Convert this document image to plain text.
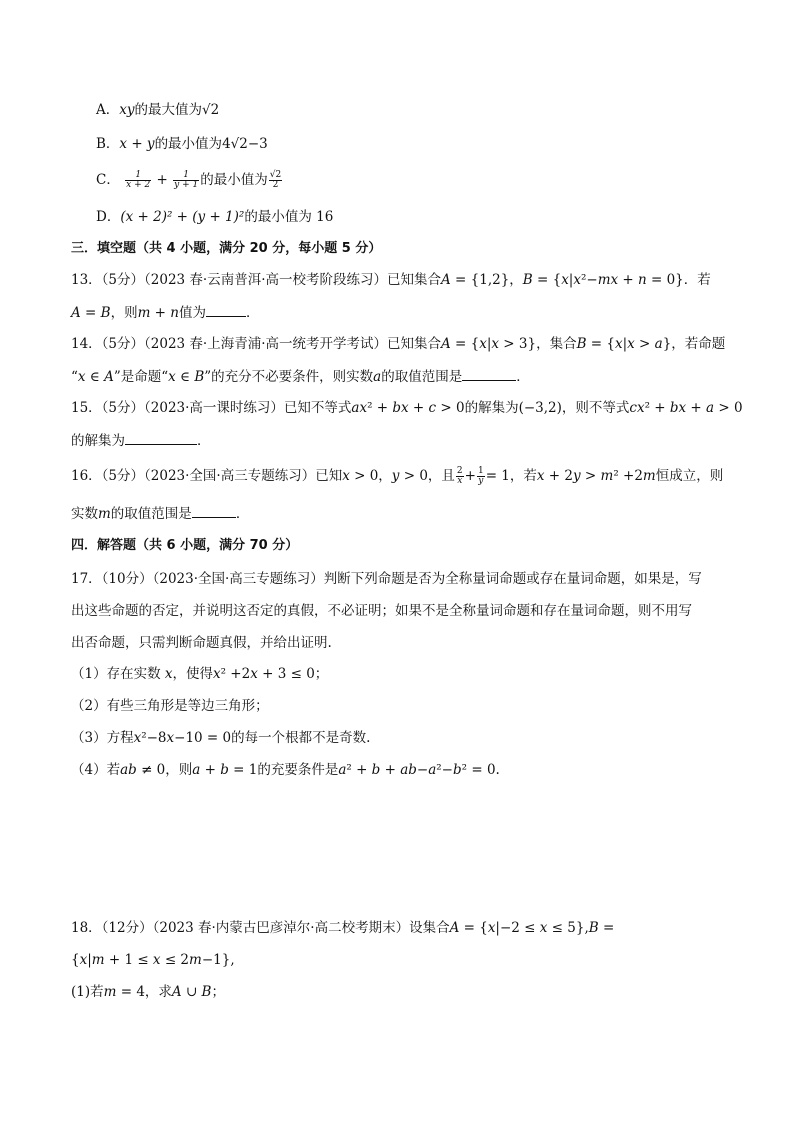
A．xy的最大值为√2
B．x + y的最小值为4√2−3
C． $\frac{1}{x + 2} + \frac{1}{y + 1}$ 的最小值为 $\frac{√2}{2}$
D．(x + 2)² + (y + 1)²的最小值为 16
三．填空题（共 4 小题，满分 20 分，每小题 5 分）
13．（5分）（2023 春·云南普洱·高一校考阶段练习）已知集合𝐴 = {1,2}，𝐵 = {𝑥|𝑥²−𝑚𝑥 + 𝑛 = 0}．若
𝐴 = 𝐵，则𝑚 + 𝑛值为	．
14．（5分）（2023 春·上海青浦·高一统考开学考试）已知集合𝐴 = {𝑥|𝑥 > 3}，集合𝐵 = {𝑥|𝑥 > 𝑎}，若命题
“𝑥 ∈ 𝐴”是命题“𝑥 ∈ 𝐵”的充分不必要条件，则实数𝑎的取值范围是	．
15．（5分）（2023·高一课时练习）已知不等式𝑎𝑥² + 𝑏𝑥 + 𝑐 > 0的解集为(−3,2)，则不等式𝑐𝑥² + 𝑏𝑥 + 𝑎 > 0
的解集为	．
16．（5分）（2023·全国·高三专题练习）已知𝑥 > 0，𝑦 > 0，且 $\frac{2}{\text{𝑥}} + \frac{1}{\text{𝑦}} = 1$，若𝑥 + 2𝑦 > 𝑚² +2𝑚恒成立，则
实数𝑚的取值范围是	．
四．解答题（共 6 小题，满分 70 分）
17．（10分）（2023·全国·高三专题练习）判断下列命题是否为全称量词命题或存在量词命题，如果是，写
出这些命题的否定，并说明这否定的真假，不必证明；如果不是全称量词命题和存在量词命题，则不用写
出否命题，只需判断命题真假，并给出证明.
（1）存在实数 𝑥，使得𝑥² +2𝑥 + 3 ≤ 0；
（2）有些三角形是等边三角形；
（3）方程𝑥²−8𝑥−10 = 0的每一个根都不是奇数.
（4）若𝑎𝑏 ≠ 0，则𝑎 + 𝑏 = 1的充要条件是𝑎² + 𝑏 + 𝑎𝑏−𝑎²−𝑏² = 0.
18．（12分）（2023 春·内蒙古巴彦淖尔·高二校考期末）设集合𝐴 = {𝑥|−2 ≤ 𝑥 ≤ 5},𝐵 =
{𝑥|𝑚 + 1 ≤ 𝑥 ≤ 2𝑚−1},
(1)若𝑚 = 4，求𝐴 ∪ 𝐵；
